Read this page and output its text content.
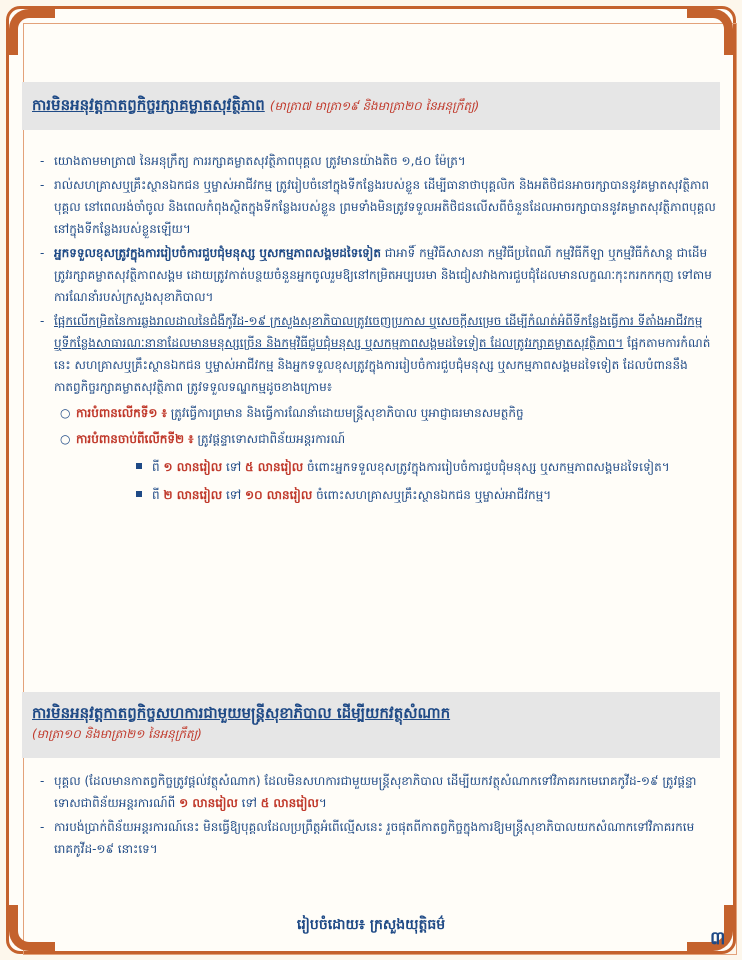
ការមិនអនុវត្តកាតព្វកិច្ចរក្សាគម្លាតសុវត្ថិភាព (មាត្រា៧ មាត្រា១៩ និងមាត្រា២០ នៃអនុក្រឹត្យ)
- យោងតាមមាត្រា៧ នៃអនុក្រឹត្យ ការរក្សាគម្លាតសុវត្ថិភាពបុគ្គល ត្រូវមានយ៉ាងតិច ១,៥០ ម៉ែត្រ។
- រាល់សហគ្រាសឬគ្រឹះស្ថានឯកជន ឬម្ចាស់អាជីវកម្ម ត្រូវរៀបចំនៅក្នុងទីកន្លែងរបស់ខ្លួន ដើម្បីធានាថាបុគ្គលិក និងអតិថិជនអាចរក្សាបាននូវគម្លាតសុវត្ថិភាពបុគ្គល នៅពេលរង់ចាំចូល និងពេលកំពុងស្ថិតក្នុងទីកន្លែងរបស់ខ្លួន ព្រមទាំងមិនត្រូវទទួលអតិថិជនលើសពីចំនួនដែលអាចរក្សាបាននូវគម្លាតសុវត្ថិភាពបុគ្គលនៅក្នុងទីកន្លែងរបស់ខ្លួនឡើយ។
- អ្នកទទួលខុសត្រូវក្នុងការរៀបចំការជួបជុំមនុស្ស ឬសកម្មភាពសង្គមដទៃទៀត ជាអាទិ៍ កម្មវិធីសាសនា កម្មវិធីប្រពៃណី កម្មវិធីកីឡា ឬកម្មវិធីកំសាន្ត ជាដើម ត្រូវរក្សាគម្លាតសុវត្ថិភាពសង្គម ដោយត្រូវកាត់បន្ថយចំនួនអ្នកចូលរួមឱ្យនៅកម្រិតអប្បបរមា និងជៀសវាងការជួបជុំដែលមានលក្ខណៈកុះករកកកុញ ទៅតាមការណែនាំរបស់ក្រសួងសុខាភិបាល។
- ផ្អែកលើកម្រិតនៃការឆ្លងរាលដាលនៃជំងឺកូវីដ-១៩ ក្រសួងសុខាភិបាលត្រូវចេញប្រកាស ឬសេចក្ដីសម្រេច ដើម្បីកំណត់អំពីទីកន្លែងធ្វើការ ទីតាំងអាជីវកម្ម ឬទីកន្លែងសាធារណៈនានាដែលមានមនុស្សច្រើន និងកម្មវិធីជួបជុំមនុស្ស ឬសកម្មភាពសង្គមដទៃទៀត ដែលត្រូវរក្សាគម្លាតសុវត្ថិភាព។ ផ្អែកតាមការកំណត់នេះ សហគ្រាសឬគ្រឹះស្ថានឯកជន ឬម្ចាស់អាជីវកម្ម និងអ្នកទទួលខុសត្រូវក្នុងការរៀបចំការជួបជុំមនុស្ស ឬសកម្មភាពសង្គមដទៃទៀត ដែលបំពាននឹងកាតព្វកិច្ចរក្សាគម្លាតសុវត្ថិភាព ត្រូវទទួលទណ្ឌកម្មដូចខាងក្រោម៖
○ ការបំពានលើកទី១ ៖ ត្រូវធ្វើការព្រមាន និងធ្វើការណែនាំដោយមន្ត្រីសុខាភិបាល ឬអាជ្ញាធរមានសមត្ថកិច្ច
○ ការបំពានចាប់ពីលើកទី២ ៖ ត្រូវផ្ដន្ទាទោសជាពិន័យអន្តរការណ៍
ពី ១ លានរៀល ទៅ ៥ លានរៀល ចំពោះអ្នកទទួលខុសត្រូវក្នុងការរៀបចំការជួបជុំមនុស្ស ឬសកម្មភាពសង្គមដទៃទៀត។
ពី ២ លានរៀល ទៅ ១០ លានរៀល ចំពោះសហគ្រាសឬគ្រឹះស្ថានឯកជន ឬម្ចាស់អាជីវកម្ម។
ការមិនអនុវត្តកាតព្វកិច្ចសហការជាមួយមន្ត្រីសុខាភិបាល ដើម្បីយកវត្ថុសំណាក
(មាត្រា១០ និងមាត្រា២១ នៃអនុក្រឹត្យ)
- បុគ្គល (ដែលមានកាតព្វកិច្ចត្រូវផ្ដល់វត្ថុសំណាក) ដែលមិនសហការជាមួយមន្ត្រីសុខាភិបាល ដើម្បីយកវត្ថុសំណាកទៅវិភាគរកមេរោគកូវីដ-១៩ ត្រូវផ្ដន្ទាទោសជាពិន័យអន្តរការណ៍ពី ១ លានរៀល ទៅ ៥ លានរៀល។
- ការបង់ប្រាក់ពិន័យអន្តរការណ៍នេះ មិនធ្វើឱ្យបុគ្គលដែលប្រព្រឹត្តអំពើល្មើសនេះ រួចផុតពីកាតព្វកិច្ចក្នុងការឱ្យមន្ត្រីសុខាភិបាលយកសំណាកទៅវិភាគរកមេរោគកូវីដ-១៩ នោះទេ។
រៀបចំដោយ៖ ក្រសួងយុត្តិធម៌
៣
